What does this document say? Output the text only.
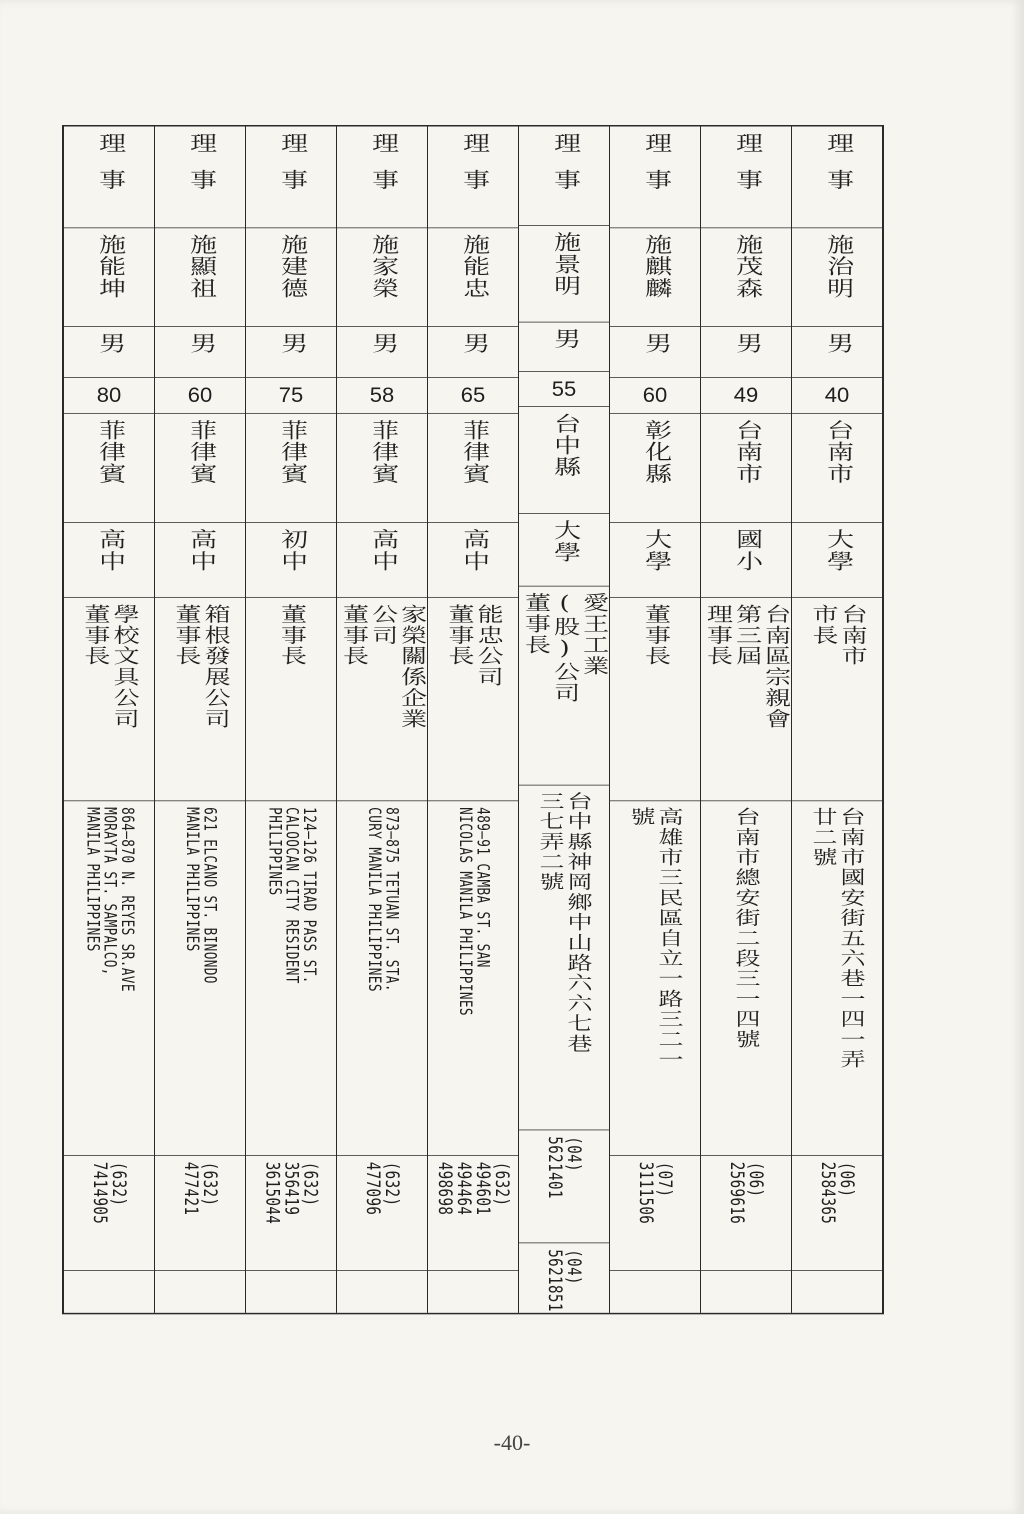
理事
施治明
男
40
台南市
大學
台南市
市長
台南市國安街五六巷一四一弄
廿二號
(06)
2584365
理事
施茂森
男
49
台南市
國小
台南區宗親會
第三屆
理事長
台南市總安街二段三一四號
(06)
2569616
理事
施麒麟
男
60
彰化縣
大學
董事長
高雄市三民區自立一路三二一
號
(07)
3111506
理事
施景明
男
55
台中縣
大學
愛王工業
(股)公司
董事長
台中縣神岡鄉中山路六六七巷
三七弄二號
(04)
5621401
(04)
5621851
理事
施能忠
男
65
菲律賓
高中
能忠公司
董事長
489—91 CAMBA ST. SAN
NICOLAS MANILA PHILIPPINES
(632)
494601
494464
498698
理事
施家榮
男
58
菲律賓
高中
家榮關係企業
公司
董事長
873—875 TETUAN ST. STA.
CURY MANILA PHILIPPINES
(632)
477096
理事
施建德
男
75
菲律賓
初中
董事長
124—126 TIRAD PASS ST.
CALOOCAN CITY RESIDENT
PHILIPPINES
(632)
356419
3615044
理事
施顯祖
男
60
菲律賓
高中
箱根發展公司
董事長
621 ELCANO ST. BINONDO
MANILA PHILIPPINES
(632)
477421
理事
施能坤
男
80
菲律賓
高中
學校文具公司
董事長
864—870 N. REYES SR.AVE
MORAYTA ST. SAMPALCO,
MANILA PHILIPPINES
(632)
7414905
-40-
